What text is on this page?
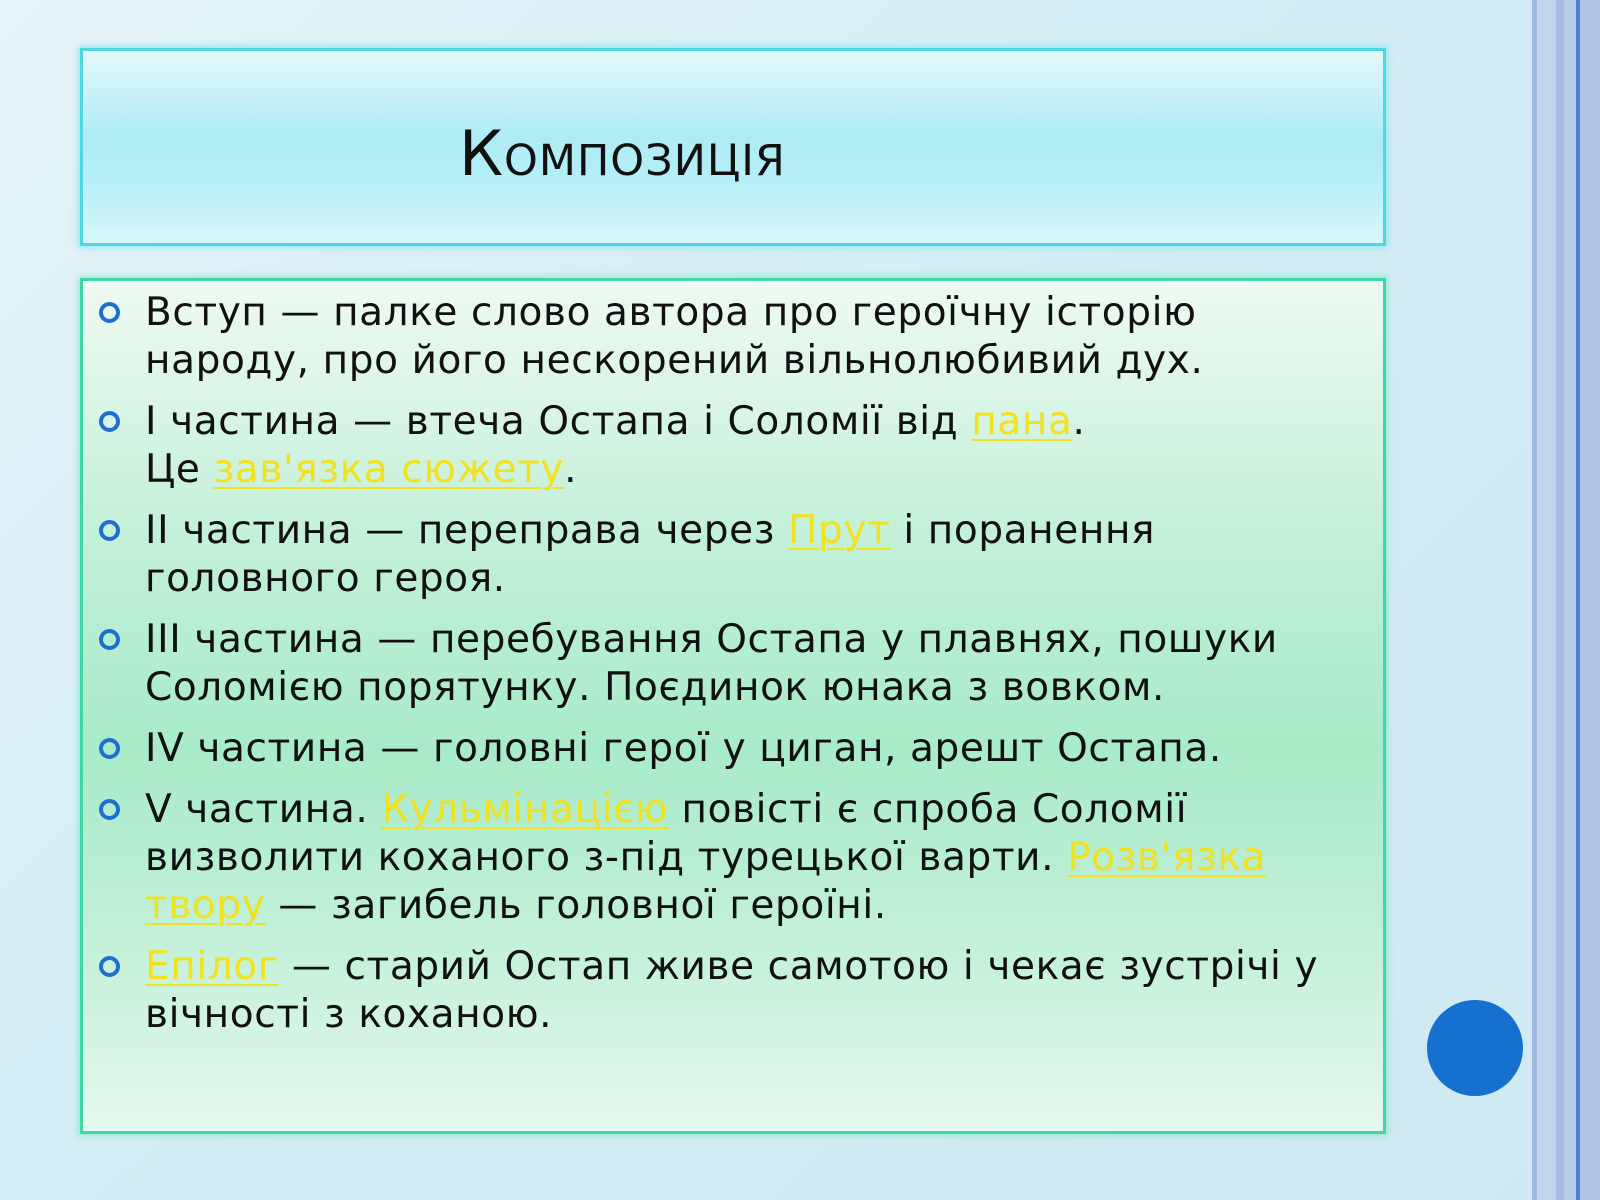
Композиція
Вступ — палке слово автора про героїчну історію
народу, про його нескорений вільнолюбивий дух.
І частина — втеча Остапа і Соломії від пана.
Це зав'язка сюжету.
ІІ частина — переправа через Прут і поранення
головного героя.
ІІІ частина — перебування Остапа у плавнях, пошуки
Соломією порятунку. Поєдинок юнака з вовком.
IV частина — головні герої у циган, арешт Остапа.
V частина. Кульмінацією повісті є спроба Соломії
визволити коханого з-під турецької варти. Розв'язка
твору — загибель головної героїні.
Епілог — старий Остап живе самотою і чекає зустрічі у
вічності з коханою.
